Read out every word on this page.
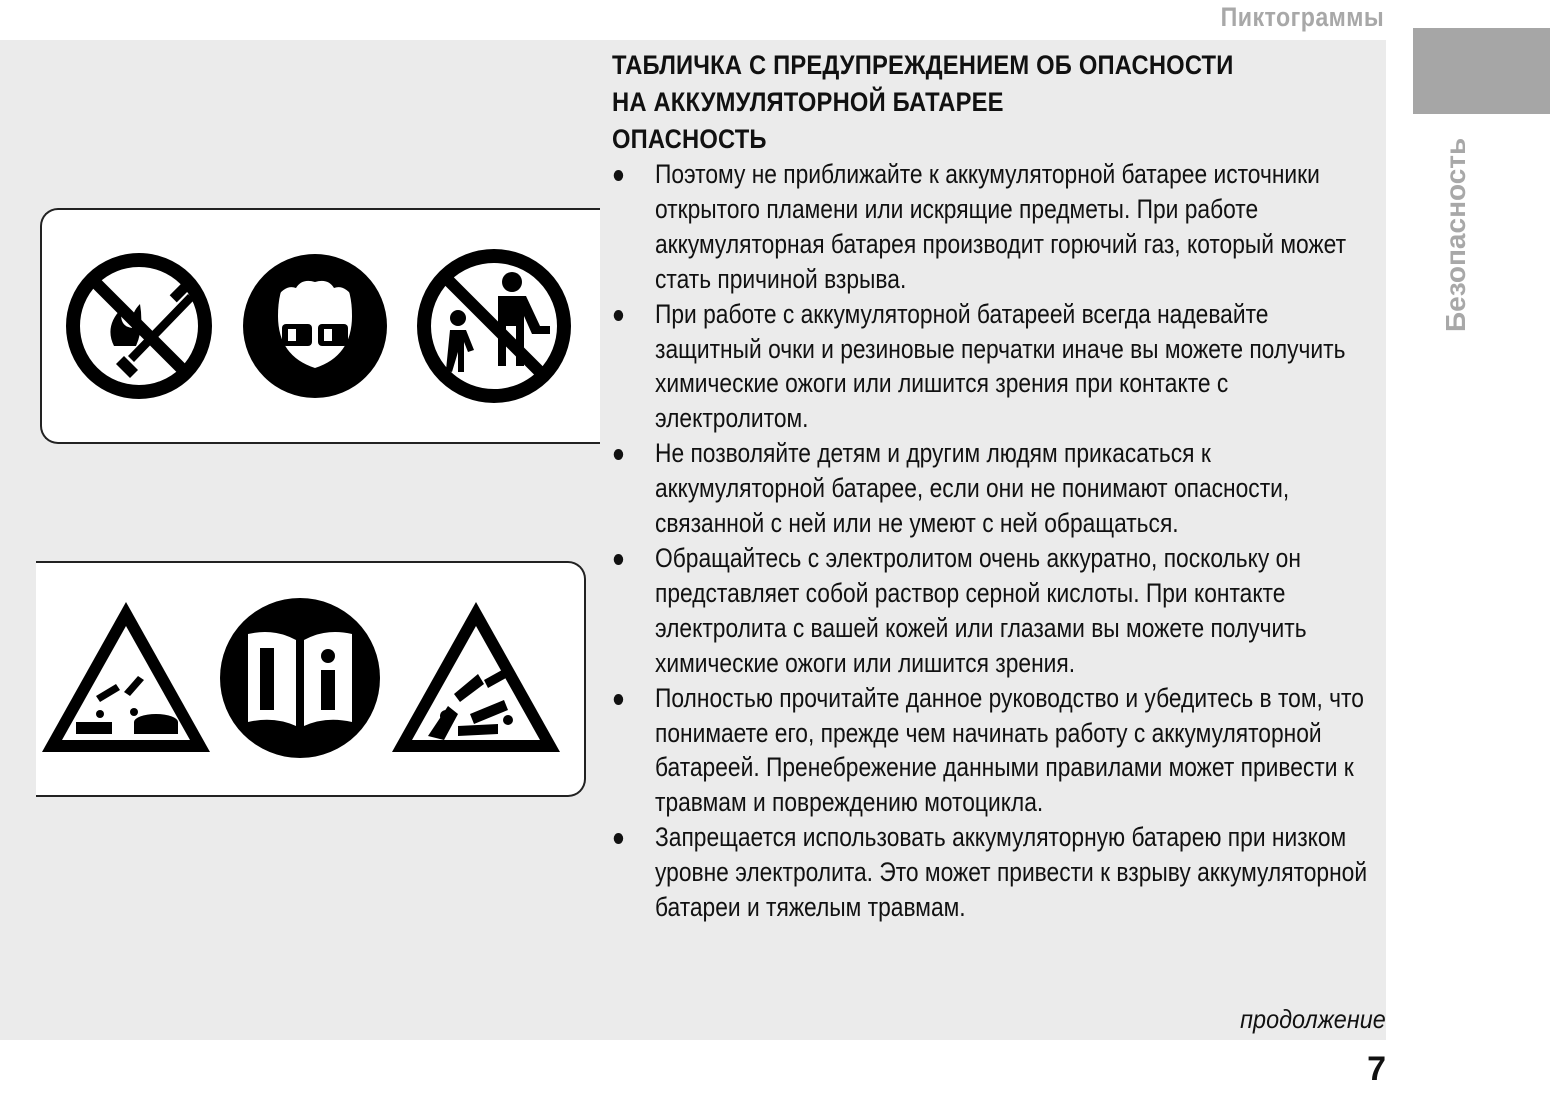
Пиктограммы
Безопасность
ТАБЛИЧКА С ПРЕДУПРЕЖДЕНИЕМ ОБ ОПАСНОСТИ
НА АККУМУЛЯТОРНОЙ БАТАРЕЕ
ОПАСНОСТЬ
Поэтому не приближайте к аккумуляторной батарее источники открытого пламени или искрящие предметы. При работе аккумуляторная батарея производит горючий газ, который может стать причиной взрыва.
При работе с аккумуляторной батареей всегда надевайте защитный очки и резиновые перчатки иначе вы можете получить химические ожоги или лишится зрения при контакте с электролитом.
Не позволяйте детям и другим людям прикасаться к аккумуляторной батарее, если они не понимают опасности, связанной с ней или не умеют с ней обращаться.
Обращайтесь с электролитом очень аккуратно, поскольку он представляет собой раствор серной кислоты. При контакте электролита с вашей кожей или глазами вы можете получить химические ожоги или лишится зрения.
Полностью прочитайте данное руководство и убедитесь в том, что понимаете его, прежде чем начинать работу с аккумуляторной батареей. Пренебрежение данными правилами может привести к травмам и повреждению мотоцикла.
Запрещается использовать аккумуляторную батарею при низком уровне электролита. Это может привести к взрыву аккумуляторной батареи и тяжелым травмам.
продолжение
7
